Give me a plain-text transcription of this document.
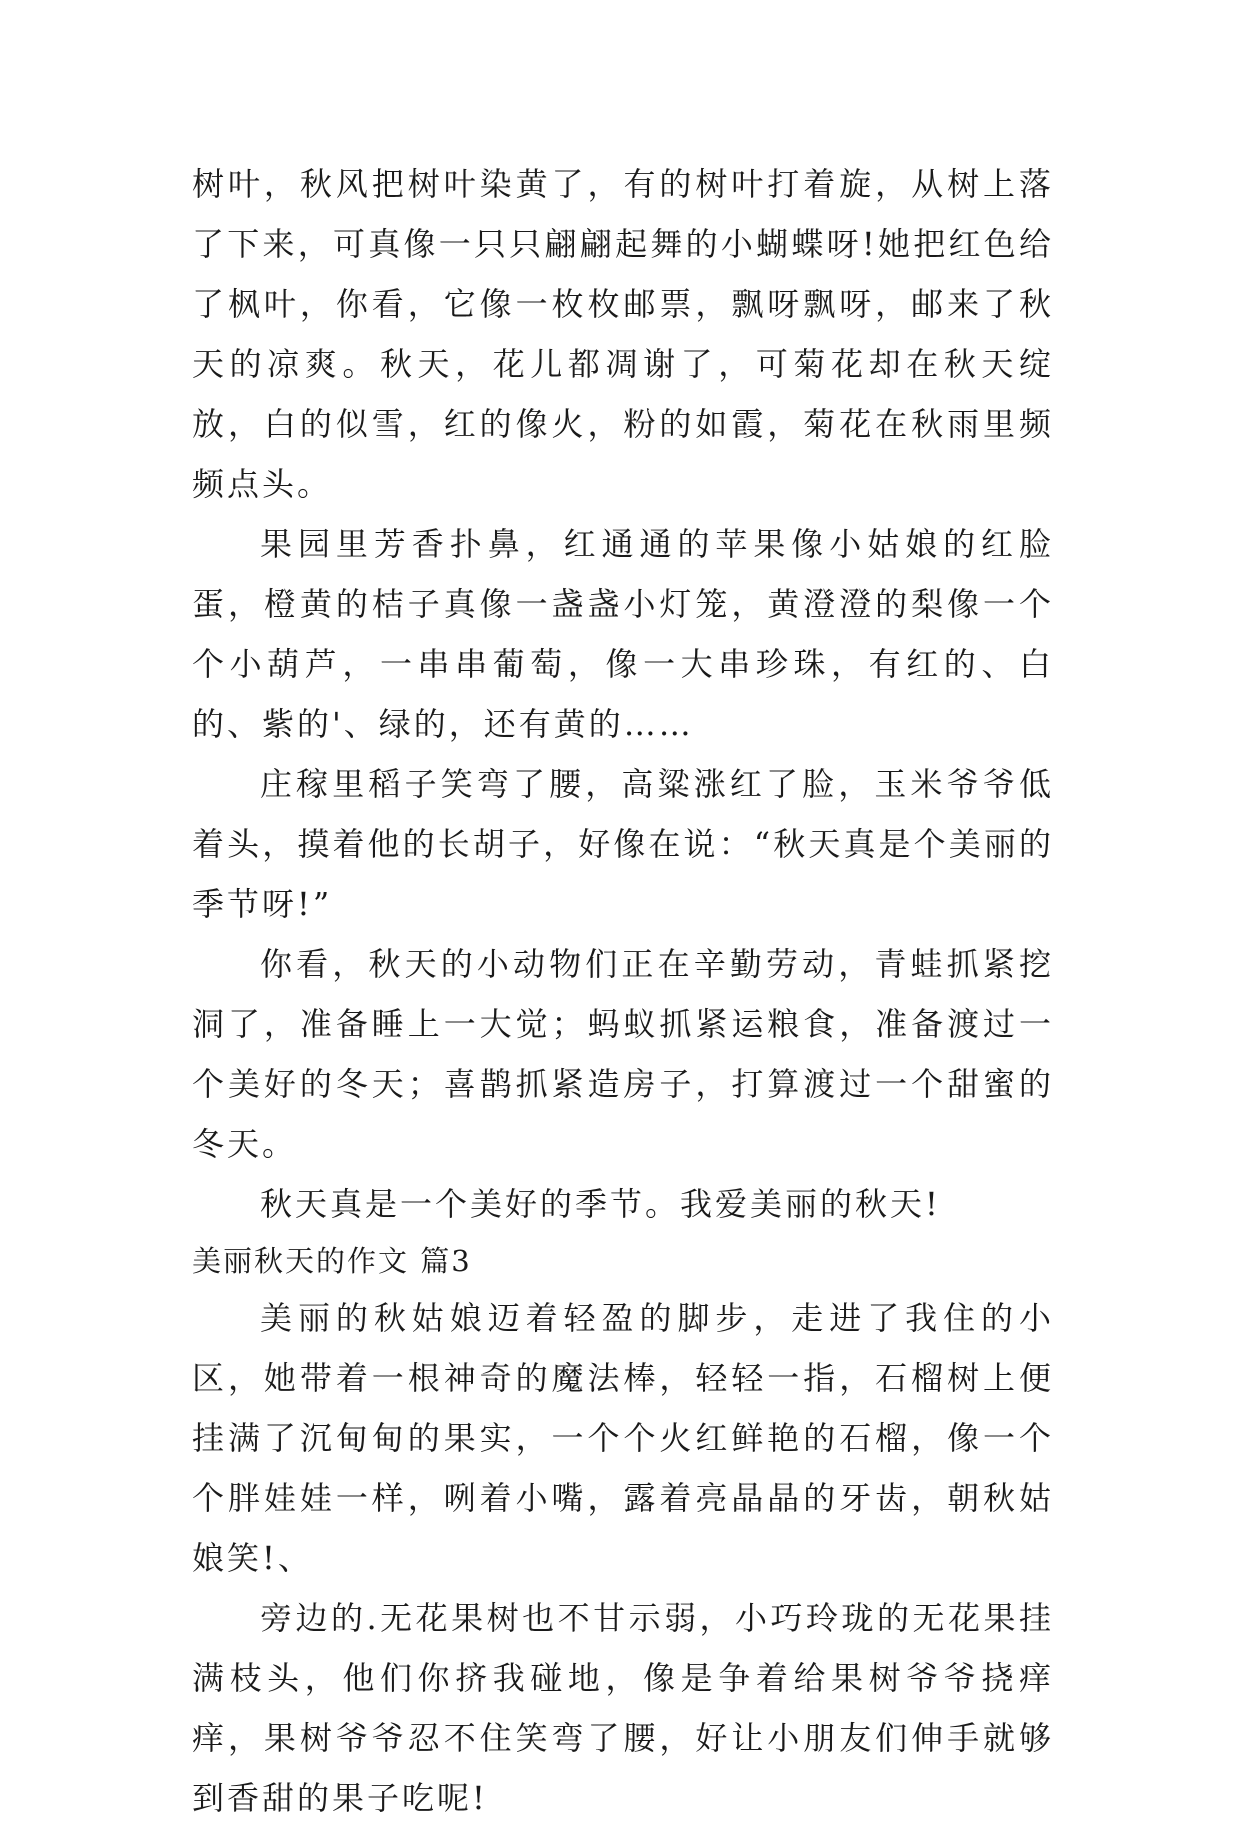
树叶，秋风把树叶染黄了，有的树叶打着旋，从树上落了下来，可真像一只只翩翩起舞的小蝴蝶呀!她把红色给了枫叶，你看，它像一枚枚邮票，飘呀飘呀，邮来了秋天的凉爽。秋天，花儿都凋谢了，可菊花却在秋天绽放，白的似雪，红的像火，粉的如霞，菊花在秋雨里频频点头。

果园里芳香扑鼻，红通通的苹果像小姑娘的红脸蛋，橙黄的桔子真像一盏盏小灯笼，黄澄澄的梨像一个个小葫芦，一串串葡萄，像一大串珍珠，有红的、白的、紫的'、绿的，还有黄的……

庄稼里稻子笑弯了腰，高粱涨红了脸，玉米爷爷低着头，摸着他的长胡子，好像在说：“秋天真是个美丽的季节呀!”

你看，秋天的小动物们正在辛勤劳动，青蛙抓紧挖洞了，准备睡上一大觉；蚂蚁抓紧运粮食，准备渡过一个美好的冬天；喜鹊抓紧造房子，打算渡过一个甜蜜的冬天。

秋天真是一个美好的季节。我爱美丽的秋天!

美丽秋天的作文 篇3

美丽的秋姑娘迈着轻盈的脚步，走进了我住的小区，她带着一根神奇的魔法棒，轻轻一指，石榴树上便挂满了沉甸甸的果实，一个个火红鲜艳的石榴，像一个个胖娃娃一样，咧着小嘴，露着亮晶晶的牙齿，朝秋姑娘笑!、

旁边的.无花果树也不甘示弱，小巧玲珑的无花果挂满枝头，他们你挤我碰地，像是争着给果树爷爷挠痒痒，果树爷爷忍不住笑弯了腰，好让小朋友们伸手就够到香甜的果子吃呢!
